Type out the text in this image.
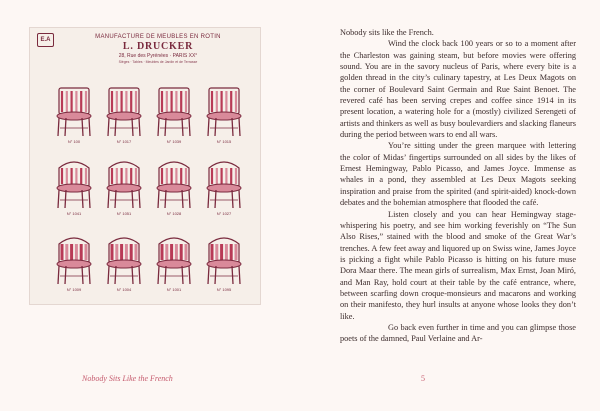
E.A	MANUFACTURE DE MEUBLES EN ROTIN
L. DRUCKER
28, Rue des Pyrénées · PARIS XX°
Sièges · Tables · Meubles de Jardin et de Terrasse
N° 100	N° 1017	N° 1039	N° 1015
N° 1041	N° 1051	N° 1028	N° 1027
N° 1009	N° 1004	N° 1001	N° 1095

Nobody sits like the French.

Wind the clock back 100 years or so to a moment after the Charleston was gaining steam, but before movies were offering sound. You are in the savory nucleus of Paris, where every bite is a golden thread in the city’s culinary tapestry, at Les Deux Magots on the corner of Boulevard Saint Germain and Rue Saint Benoet. The revered café has been serving crepes and coffee since 1914 in its present location, a watering hole for a (mostly) civilized Serengeti of artists and thinkers as well as busy boulevardiers and slacking flaneurs during the period between wars to end all wars.

You’re sitting under the green marquee with lettering the color of Midas’ fingertips surrounded on all sides by the likes of Ernest Hemingway, Pablo Picasso, and James Joyce. Immense as whales in a pond, they assembled at Les Deux Magots seeking inspiration and praise from the spirited (and spirit-aided) knock-down debates and the bohemian atmosphere that flooded the café.

Listen closely and you can hear Hemingway stage-whispering his poetry, and see him working feverishly on “The Sun Also Rises,” stained with the blood and smoke of the Great War’s trenches. A few feet away and liquored up on Swiss wine, James Joyce is picking a fight while Pablo Picasso is hitting on his future muse Dora Maar there. The mean girls of surrealism, Max Ernst, Joan Miró, and Man Ray, hold court at their table by the café entrance, where, between scarfing down croque-monsieurs and macarons and working on their manifesto, they hurl insults at anyone whose looks they don’t like.

Go back even further in time and you can glimpse those poets of the damned, Paul Verlaine and Ar-

Nobody Sits Like the French	5
